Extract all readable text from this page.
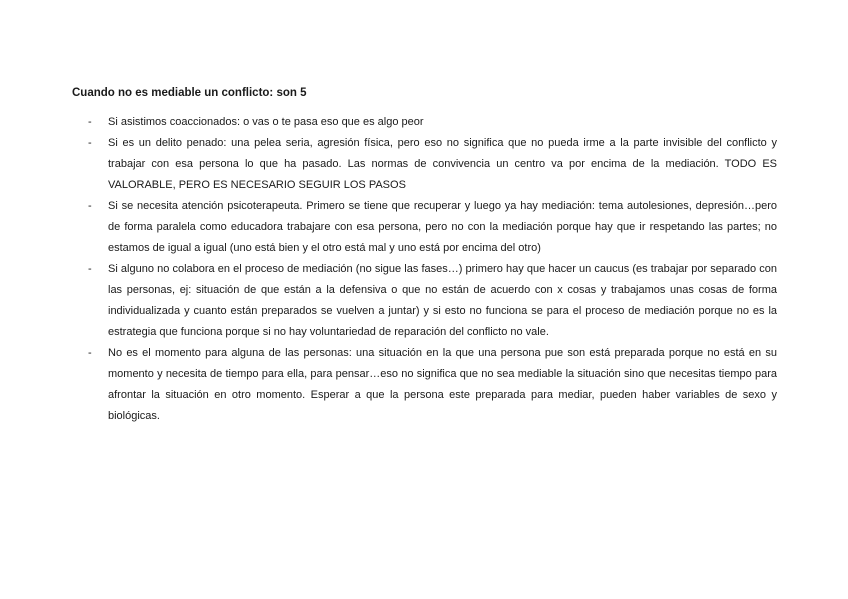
Cuando no es mediable un conflicto: son 5
- Si asistimos coaccionados: o vas o te pasa eso que es algo peor
- Si es un delito penado: una pelea seria, agresión física, pero eso no significa que no pueda irme a la parte invisible del conflicto y trabajar con esa persona lo que ha pasado. Las normas de convivencia un centro va por encima de la mediación. TODO ES VALORABLE, PERO ES NECESARIO SEGUIR LOS PASOS
- Si se necesita atención psicoterapeuta. Primero se tiene que recuperar y luego ya hay mediación: tema autolesiones, depresión…pero de forma paralela como educadora trabajare con esa persona, pero no con la mediación porque hay que ir respetando las partes; no estamos de igual a igual (uno está bien y el otro está mal y uno está por encima del otro)
- Si alguno no colabora en el proceso de mediación (no sigue las fases…) primero hay que hacer un caucus (es trabajar por separado con las personas, ej: situación de que están a la defensiva o que no están de acuerdo con x cosas y trabajamos unas cosas de forma individualizada y cuanto están preparados se vuelven a juntar) y si esto no funciona se para el proceso de mediación porque no es la estrategia que funciona porque si no hay voluntariedad de reparación del conflicto no vale.
- No es el momento para alguna de las personas: una situación en la que una persona pue son está preparada porque no está en su momento y necesita de tiempo para ella, para pensar…eso no significa que no sea mediable la situación sino que necesitas tiempo para afrontar la situación en otro momento. Esperar a que la persona este preparada para mediar, pueden haber variables de sexo y biológicas.
